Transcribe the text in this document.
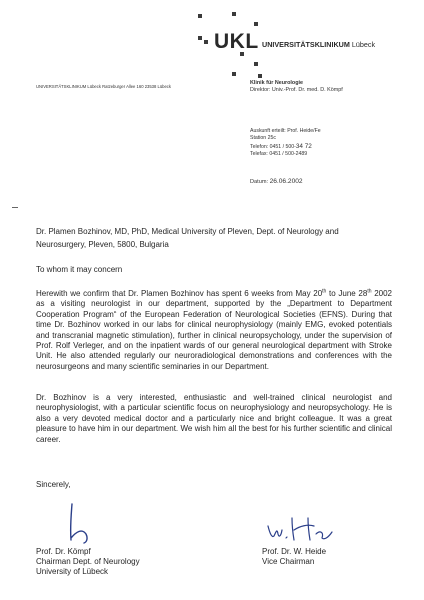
UKL UNIVERSITÄTSKLINIKUM Lübeck
UNIVERSITÄTSKLINIKUM Lübeck Ratzeburger Allee 160 23538 Lübeck
Klinik für Neurologie
Direktor: Univ.-Prof. Dr. med. D. Kömpf
Auskunft erteilt: Prof. Heide/Fe
Station 25c
Telefon: 0451 / 500-34 72
Telefax: 0451 / 500-2489
Datum: 26.06.2002
Dr. Plamen Bozhinov, MD, PhD, Medical University of Pleven, Dept. of Neurology and
Neurosurgery, Pleven, 5800, Bulgaria
To whom it may concern
Herewith we confirm that Dr. Plamen Bozhinov has spent 6 weeks from May 20th to June 28th 2002 as a visiting neurologist in our department, supported by the „Department to Department Cooperation Program“ of the European Federation of Neurological Societies (EFNS). During that time Dr. Bozhinov worked in our labs for clinical neurophysiology (mainly EMG, evoked potentials and transcranial magnetic stimulation), further in clinical neuropsychology, under the supervision of Prof. Rolf Verleger, and on the inpatient wards of our general neurological department with Stroke Unit. He also attended regularly our neuroradiological demonstrations and conferences with the neurosurgeons and many scientific seminaries in our Department.
Dr. Bozhinov is a very interested, enthusiastic and well-trained clinical neurologist and neurophysiologist, with a particular scientific focus on neurophysiology and neuropsychology. He is also a very devoted medical doctor and a particularly nice and bright colleague. It was a great pleasure to have him in our department. We wish him all the best for his further scientific and clinical career.
Sincerely,
Prof. Dr. Kömpf
Chairman Dept. of Neurology
University of Lübeck
Prof. Dr. W. Heide
Vice Chairman
